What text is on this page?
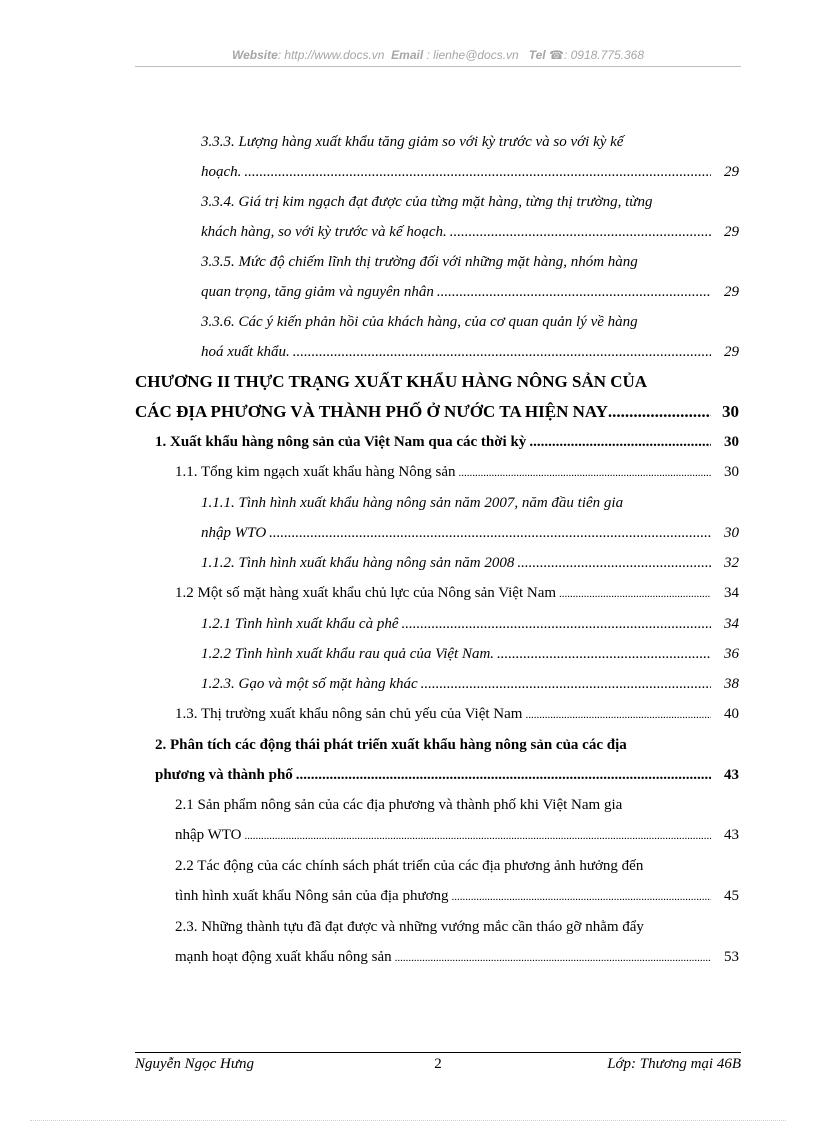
Website: http://www.docs.vn Email : lienhe@docs.vn Tel ☎: 0918.775.368
3.3.3. Lượng hàng xuất khẩu tăng giảm so với kỳ trước và so với kỳ kế
hoạch. .....	29
3.3.4. Giá trị kim ngạch đạt được của từng mặt hàng, từng thị trường, từng
khách hàng, so với kỳ trước và kế hoạch. .....	29
3.3.5. Mức độ chiếm lĩnh thị trường đối với những mặt hàng, nhóm hàng
quan trọng, tăng giảm và nguyên nhân .....	29
3.3.6. Các ý kiến phản hồi của khách hàng, của cơ quan quản lý về hàng
hoá xuất khẩu. .....	29
CHƯƠNG II THỰC TRẠNG XUẤT KHẨU HÀNG NÔNG SẢN CỦA
CÁC ĐỊA PHƯƠNG VÀ THÀNH PHỐ Ở NƯỚC TA HIỆN NAY .....	30
1. Xuất khẩu hàng nông sản của Việt Nam qua các thời kỳ .....	30
1.1. Tổng kim ngạch xuất khẩu hàng Nông sản .....	30
1.1.1. Tình hình xuất khẩu hàng nông sản năm 2007, năm đầu tiên gia
nhập WTO .....	30
1.1.2. Tình hình xuất khẩu hàng nông sản năm 2008 .....	32
1.2 Một số mặt hàng xuất khẩu chủ lực của Nông sản Việt Nam .....	34
1.2.1 Tình hình xuất khẩu cà phê .....	34
1.2.2 Tình hình xuất khẩu rau quả của Việt Nam. .....	36
1.2.3. Gạo và một số mặt hàng khác .....	38
1.3. Thị trường xuất khẩu nông sản chủ yếu của Việt Nam .....	40
2. Phân tích các động thái phát triển xuất khẩu hàng nông sản của các địa
phương và thành phố .....	43
2.1 Sản phẩm nông sản của các địa phương và thành phố khi Việt Nam gia
nhập WTO .....	43
2.2 Tác động của các chính sách phát triển của các địa phương ảnh hưởng đến
tình hình xuất khẩu Nông sản của địa phương .....	45
2.3. Những thành tựu đã đạt được và những vướng mắc cần tháo gỡ nhằm đẩy
mạnh hoạt động xuất khẩu nông sản .....	53
Nguyễn Ngọc Hưng	2	Lớp: Thương mại 46B
